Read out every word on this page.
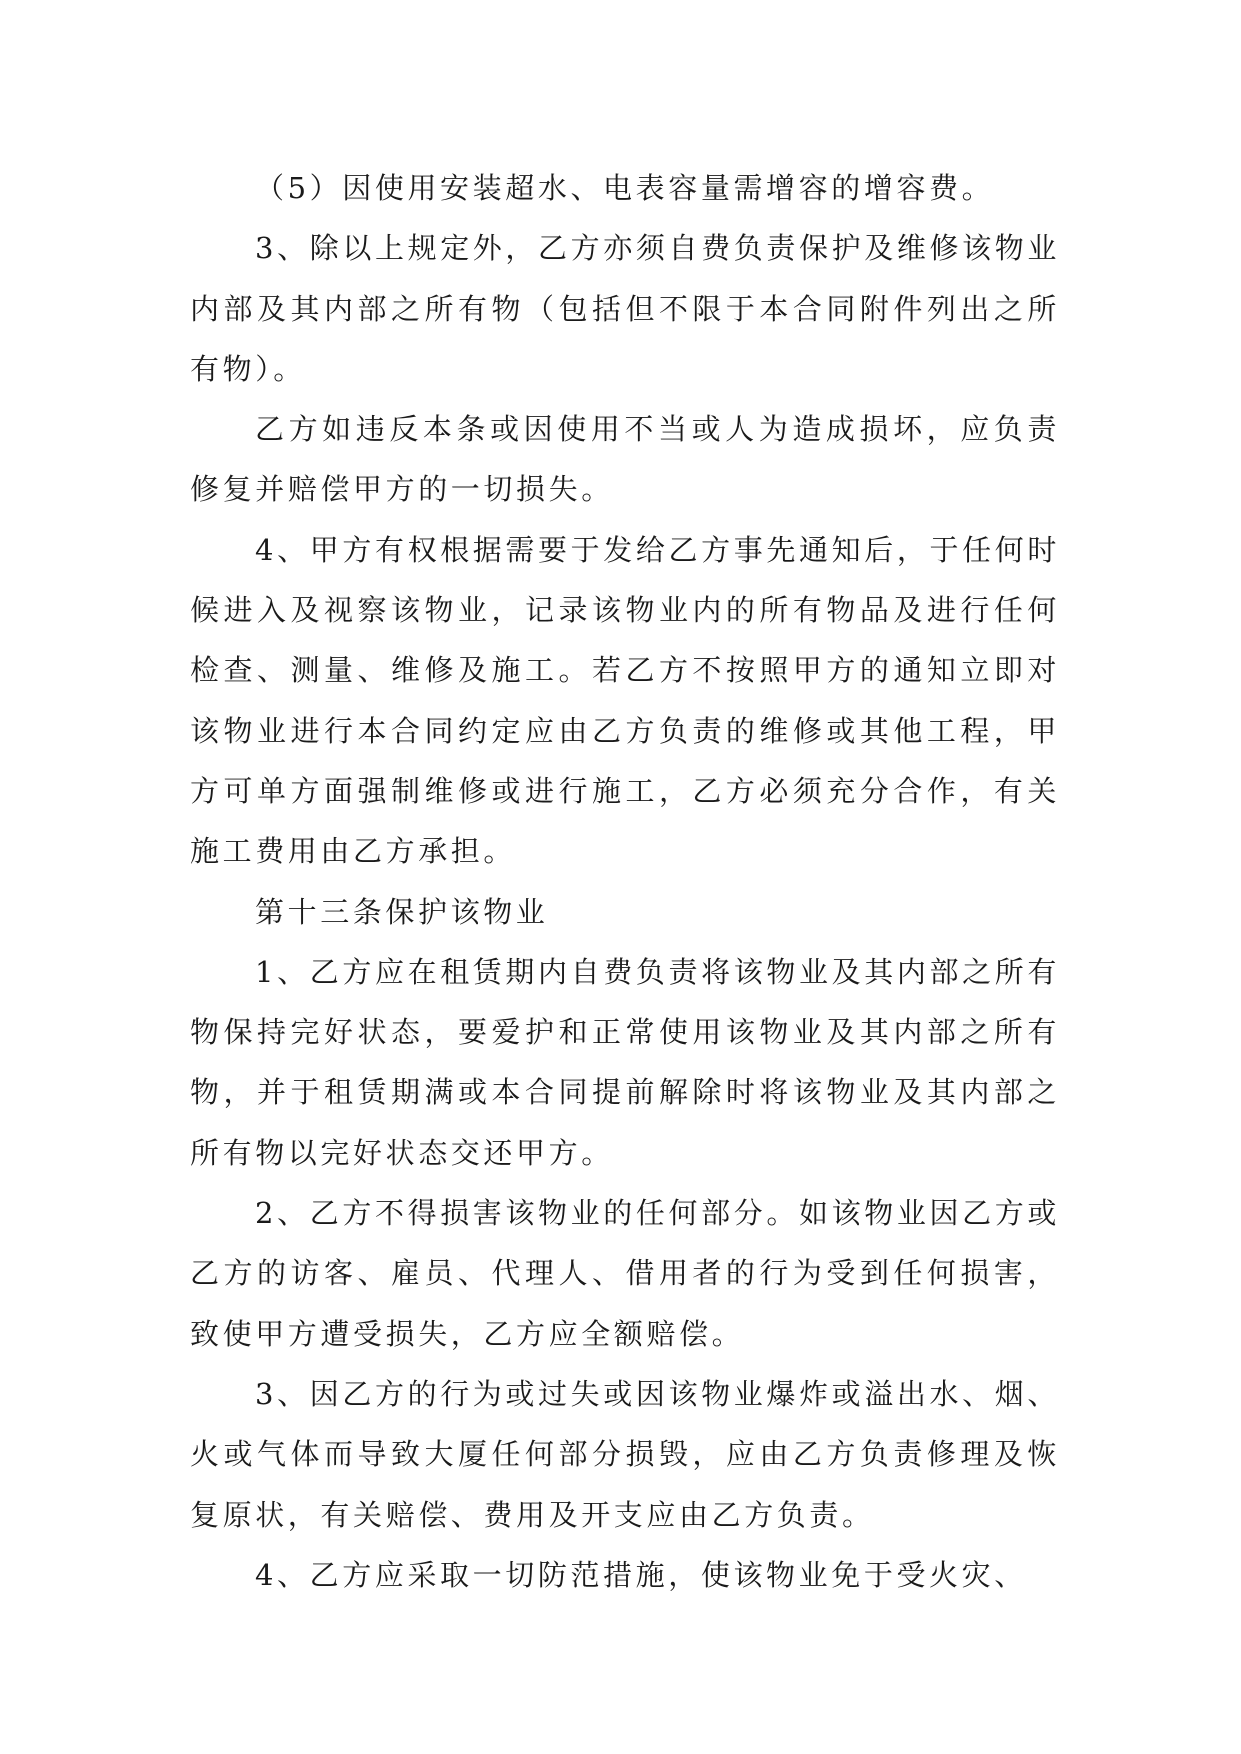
（5）因使用安装超水、电表容量需增容的增容费。

3、除以上规定外，乙方亦须自费负责保护及维修该物业内部及其内部之所有物（包括但不限于本合同附件列出之所有物）。

乙方如违反本条或因使用不当或人为造成损坏，应负责修复并赔偿甲方的一切损失。

4、甲方有权根据需要于发给乙方事先通知后，于任何时候进入及视察该物业，记录该物业内的所有物品及进行任何检查、测量、维修及施工。若乙方不按照甲方的通知立即对该物业进行本合同约定应由乙方负责的维修或其他工程，甲方可单方面强制维修或进行施工，乙方必须充分合作，有关施工费用由乙方承担。

第十三条保护该物业

1、乙方应在租赁期内自费负责将该物业及其内部之所有物保持完好状态，要爱护和正常使用该物业及其内部之所有物，并于租赁期满或本合同提前解除时将该物业及其内部之所有物以完好状态交还甲方。

2、乙方不得损害该物业的任何部分。如该物业因乙方或乙方的访客、雇员、代理人、借用者的行为受到任何损害，致使甲方遭受损失，乙方应全额赔偿。

3、因乙方的行为或过失或因该物业爆炸或溢出水、烟、火或气体而导致大厦任何部分损毁，应由乙方负责修理及恢复原状，有关赔偿、费用及开支应由乙方负责。

4、乙方应采取一切防范措施，使该物业免于受火灾、
